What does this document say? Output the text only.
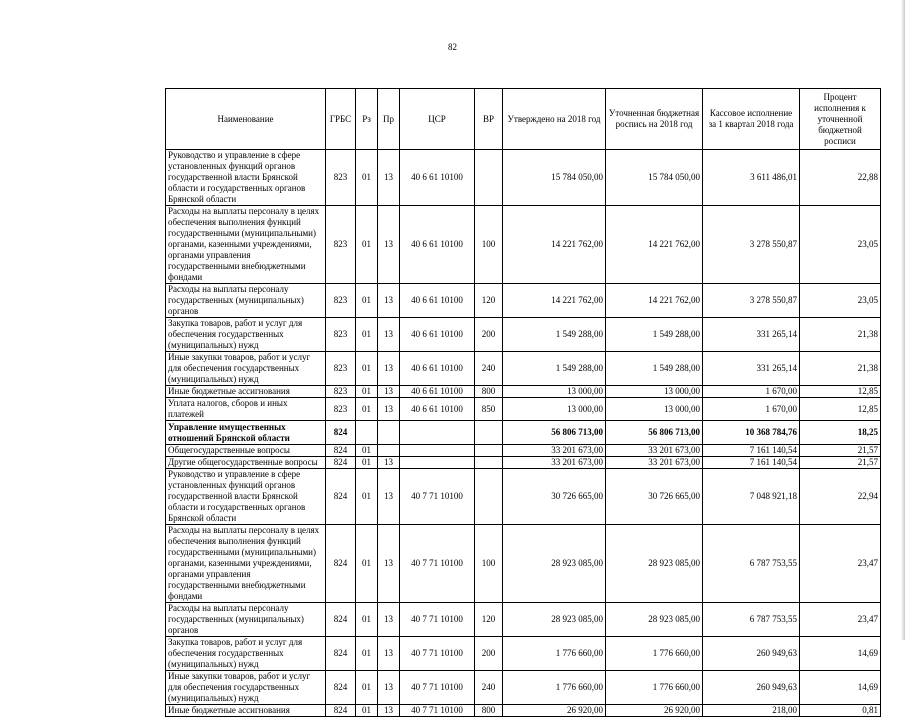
82
Наименование	ГРБС	Рз	Пр	ЦСР	ВР	Утверждено на 2018 год	Уточненная бюджетная роспись на 2018 год	Кассовое исполнение за 1 квартал 2018 года	Процент исполнения к уточненной бюджетной росписи
Руководство и управление в сфере установленных функций органов государственной власти Брянской области и государственных органов Брянской области	823	01	13	40 6 61 10100		15 784 050,00	15 784 050,00	3 611 486,01	22,88
Расходы на выплаты персоналу в целях обеспечения выполнения функций государственными (муниципальными) органами, казенными учреждениями, органами управления государственными внебюджетными фондами	823	01	13	40 6 61 10100	100	14 221 762,00	14 221 762,00	3 278 550,87	23,05
Расходы на выплаты персоналу государственных (муниципальных) органов	823	01	13	40 6 61 10100	120	14 221 762,00	14 221 762,00	3 278 550,87	23,05
Закупка товаров, работ и услуг для обеспечения государственных (муниципальных) нужд	823	01	13	40 6 61 10100	200	1 549 288,00	1 549 288,00	331 265,14	21,38
Иные закупки товаров, работ и услуг для обеспечения государственных (муниципальных) нужд	823	01	13	40 6 61 10100	240	1 549 288,00	1 549 288,00	331 265,14	21,38
Иные бюджетные ассигнования	823	01	13	40 6 61 10100	800	13 000,00	13 000,00	1 670,00	12,85
Уплата налогов, сборов и иных платежей	823	01	13	40 6 61 10100	850	13 000,00	13 000,00	1 670,00	12,85
Управление имущественных отношений Брянской области	824					56 806 713,00	56 806 713,00	10 368 784,76	18,25
Общегосударственные вопросы	824	01				33 201 673,00	33 201 673,00	7 161 140,54	21,57
Другие общегосударственные вопросы	824	01	13			33 201 673,00	33 201 673,00	7 161 140,54	21,57
Руководство и управление в сфере установленных функций органов государственной власти Брянской области и государственных органов Брянской области	824	01	13	40 7 71 10100		30 726 665,00	30 726 665,00	7 048 921,18	22,94
Расходы на выплаты персоналу в целях обеспечения выполнения функций государственными (муниципальными) органами, казенными учреждениями, органами управления государственными внебюджетными фондами	824	01	13	40 7 71 10100	100	28 923 085,00	28 923 085,00	6 787 753,55	23,47
Расходы на выплаты персоналу государственных (муниципальных) органов	824	01	13	40 7 71 10100	120	28 923 085,00	28 923 085,00	6 787 753,55	23,47
Закупка товаров, работ и услуг для обеспечения государственных (муниципальных) нужд	824	01	13	40 7 71 10100	200	1 776 660,00	1 776 660,00	260 949,63	14,69
Иные закупки товаров, работ и услуг для обеспечения государственных (муниципальных) нужд	824	01	13	40 7 71 10100	240	1 776 660,00	1 776 660,00	260 949,63	14,69
Иные бюджетные ассигнования	824	01	13	40 7 71 10100	800	26 920,00	26 920,00	218,00	0,81
